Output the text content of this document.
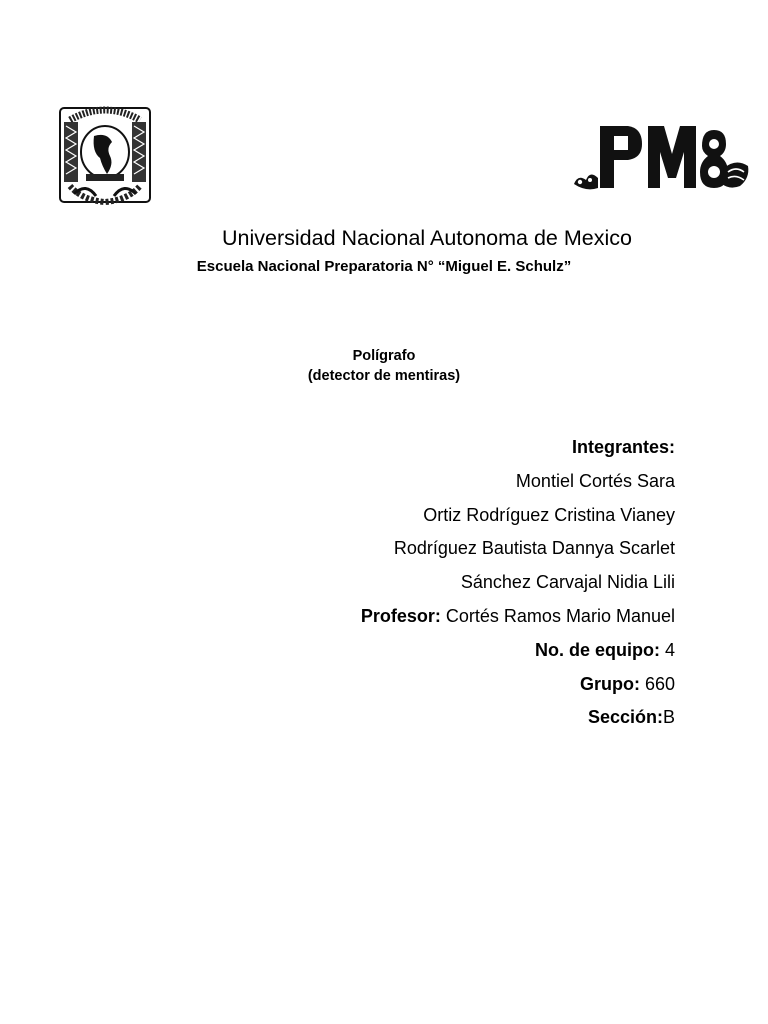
Universidad Nacional Autonoma de Mexico
Escuela Nacional Preparatoria N° “Miguel E. Schulz”
Polígrafo
(detector de mentiras)
Integrantes:
Montiel Cortés Sara
Ortiz Rodríguez Cristina Vianey
Rodríguez Bautista Dannya Scarlet
Sánchez Carvajal Nidia Lili
Profesor: Cortés Ramos Mario Manuel
No. de equipo: 4
Grupo: 660
Sección:B
